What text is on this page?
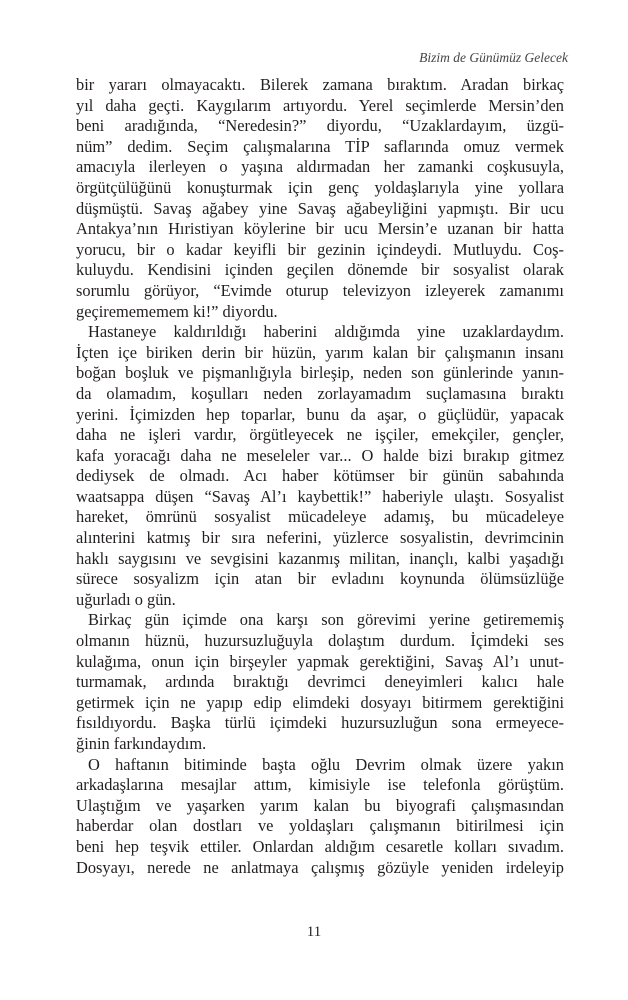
Bizim de Günümüz Gelecek
bir yararı olmayacaktı. Bilerek zamana bıraktım. Aradan birkaç
yıl daha geçti. Kaygılarım artıyordu. Yerel seçimlerde Mersin’den
beni aradığında, “Neredesin?” diyordu, “Uzaklardayım, üzgü-
nüm” dedim. Seçim çalışmalarına TİP saflarında omuz vermek
amacıyla ilerleyen o yaşına aldırmadan her zamanki coşkusuyla,
örgütçülüğünü konuşturmak için genç yoldaşlarıyla yine yollara
düşmüştü. Savaş ağabey yine Savaş ağabeyliğini yapmıştı. Bir ucu
Antakya’nın Hıristiyan köylerine bir ucu Mersin’e uzanan bir hatta
yorucu, bir o kadar keyifli bir gezinin içindeydi. Mutluydu. Coş-
kuluydu. Kendisini içinden geçilen dönemde bir sosyalist olarak
sorumlu görüyor, “Evimde oturup televizyon izleyerek zamanımı
geçiremememem ki!” diyordu.
Hastaneye kaldırıldığı haberini aldığımda yine uzaklardaydım.
İçten içe biriken derin bir hüzün, yarım kalan bir çalışmanın insanı
boğan boşluk ve pişmanlığıyla birleşip, neden son günlerinde yanın-
da olamadım, koşulları neden zorlayamadım suçlamasına bıraktı
yerini. İçimizden hep toparlar, bunu da aşar, o güçlüdür, yapacak
daha ne işleri vardır, örgütleyecek ne işçiler, emekçiler, gençler,
kafa yoracağı daha ne meseleler var... O halde bizi bırakıp gitmez
dediysek de olmadı. Acı haber kötümser bir günün sabahında
waatsappa düşen “Savaş Al’ı kaybettik!” haberiyle ulaştı. Sosyalist
hareket, ömrünü sosyalist mücadeleye adamış, bu mücadeleye
alınterini katmış bir sıra neferini, yüzlerce sosyalistin, devrimcinin
haklı saygısını ve sevgisini kazanmış militan, inançlı, kalbi yaşadığı
sürece sosyalizm için atan bir evladını koynunda ölümsüzlüğe
uğurladı o gün.
Birkaç gün içimde ona karşı son görevimi yerine getirememiş
olmanın hüznü, huzursuzluğuyla dolaştım durdum. İçimdeki ses
kulağıma, onun için birşeyler yapmak gerektiğini, Savaş Al’ı unut-
turmamak, ardında bıraktığı devrimci deneyimleri kalıcı hale
getirmek için ne yapıp edip elimdeki dosyayı bitirmem gerektiğini
fısıldıyordu. Başka türlü içimdeki huzursuzluğun sona ermeyece-
ğinin farkındaydım.
O haftanın bitiminde başta oğlu Devrim olmak üzere yakın
arkadaşlarına mesajlar attım, kimisiyle ise telefonla görüştüm.
Ulaştığım ve yaşarken yarım kalan bu biyografi çalışmasından
haberdar olan dostları ve yoldaşları çalışmanın bitirilmesi için
beni hep teşvik ettiler. Onlardan aldığım cesaretle kolları sıvadım.
Dosyayı, nerede ne anlatmaya çalışmış gözüyle yeniden irdeleyip
11
